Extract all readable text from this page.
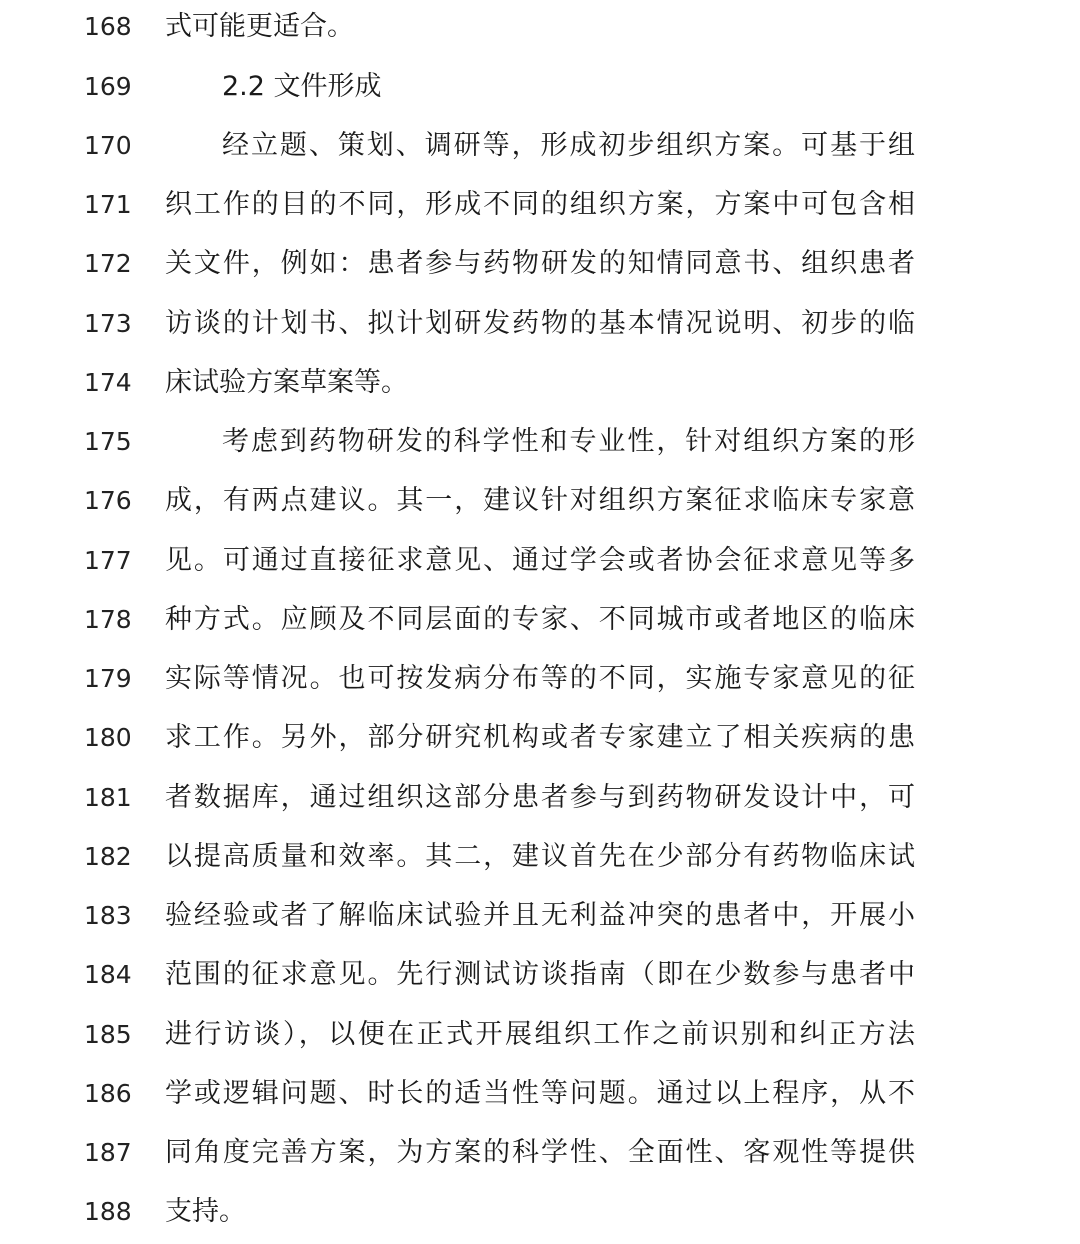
168	式可能更适合。
169	2.2 文件形成
170	经立题、策划、调研等，形成初步组织方案。可基于组
171	织工作的目的不同，形成不同的组织方案，方案中可包含相
172	关文件，例如：患者参与药物研发的知情同意书、组织患者
173	访谈的计划书、拟计划研发药物的基本情况说明、初步的临
174	床试验方案草案等。
175	考虑到药物研发的科学性和专业性，针对组织方案的形
176	成，有两点建议。其一，建议针对组织方案征求临床专家意
177	见。可通过直接征求意见、通过学会或者协会征求意见等多
178	种方式。应顾及不同层面的专家、不同城市或者地区的临床
179	实际等情况。也可按发病分布等的不同，实施专家意见的征
180	求工作。另外，部分研究机构或者专家建立了相关疾病的患
181	者数据库，通过组织这部分患者参与到药物研发设计中，可
182	以提高质量和效率。其二，建议首先在少部分有药物临床试
183	验经验或者了解临床试验并且无利益冲突的患者中，开展小
184	范围的征求意见。先行测试访谈指南（即在少数参与患者中
185	进行访谈），以便在正式开展组织工作之前识别和纠正方法
186	学或逻辑问题、时长的适当性等问题。通过以上程序，从不
187	同角度完善方案，为方案的科学性、全面性、客观性等提供
188	支持。
